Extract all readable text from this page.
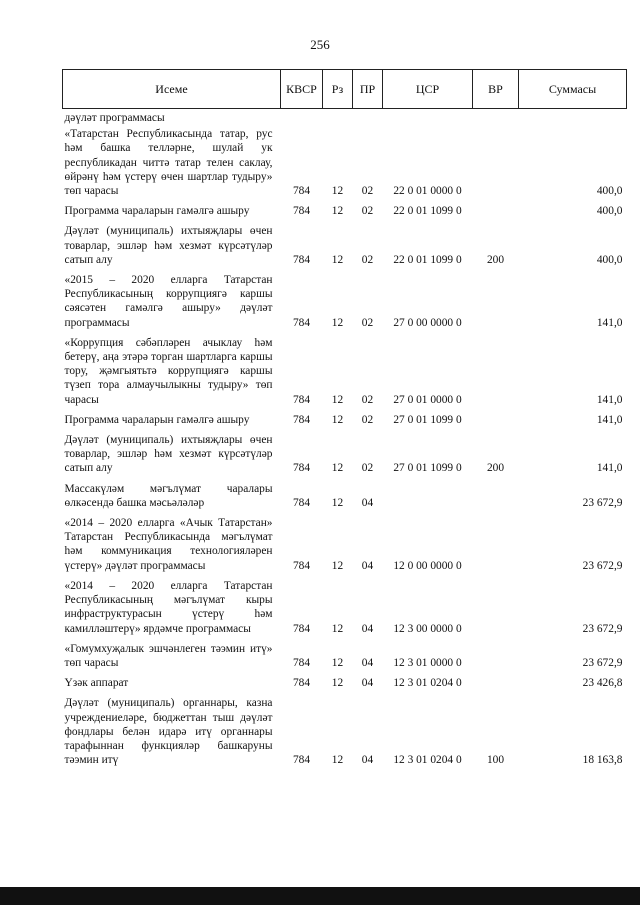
256
Исеме	КВСР	Рз	ПР	ЦСР	ВР	Суммасы
дәүләт программасы						
«Татарстан Республикасында татар, рус һәм башка телләрне, шулай ук республикадан читтә татар телен саклау, өйрәнү һәм үстерү өчен шартлар тудыру» төп чарасы	784	12	02	22 0 01 0000 0		400,0
Программа чараларын гамәлгә ашыру	784	12	02	22 0 01 1099 0		400,0
Дәүләт (муниципаль) ихтыяҗлары өчен товарлар, эшләр һәм хезмәт күрсәтүләр сатып алу	784	12	02	22 0 01 1099 0	200	400,0
«2015 – 2020 елларга Татарстан Республикасының коррупциягә каршы сәясәтен гамәлгә ашыру» дәүләт программасы	784	12	02	27 0 00 0000 0		141,0
«Коррупция сәбәпләрен ачыклау һәм бетерү, аңа этәрә торган шартларга каршы тору, җәмгыятьтә коррупциягә каршы түзеп тора алмаучылыкны тудыру» төп чарасы	784	12	02	27 0 01 0000 0		141,0
Программа чараларын гамәлгә ашыру	784	12	02	27 0 01 1099 0		141,0
Дәүләт (муниципаль) ихтыяҗлары өчен товарлар, эшләр һәм хезмәт күрсәтүләр сатып алу	784	12	02	27 0 01 1099 0	200	141,0
Массакүләм мәгълүмат чаралары өлкәсендә башка мәсьәләләр	784	12	04			23 672,9
«2014 – 2020 елларга «Ачык Татарстан» Татарстан Республикасында мәгълүмат һәм коммуникация технологияләрен үстерү» дәүләт программасы	784	12	04	12 0 00 0000 0		23 672,9
«2014 – 2020 елларга Татарстан Республикасының мәгълүмат кыры инфраструктурасын үстерү һәм камилләштерү» ярдәмче программасы	784	12	04	12 3 00 0000 0		23 672,9
«Гомумхуҗалык эшчәнлеген тәэмин итү» төп чарасы	784	12	04	12 3 01 0000 0		23 672,9
Үзәк аппарат	784	12	04	12 3 01 0204 0		23 426,8
Дәүләт (муниципаль) органнары, казна учреждениеләре, бюджеттан тыш дәүләт фондлары белән идарә итү органнары тарафыннан функцияләр башкаруны тәэмин итү	784	12	04	12 3 01 0204 0	100	18 163,8
